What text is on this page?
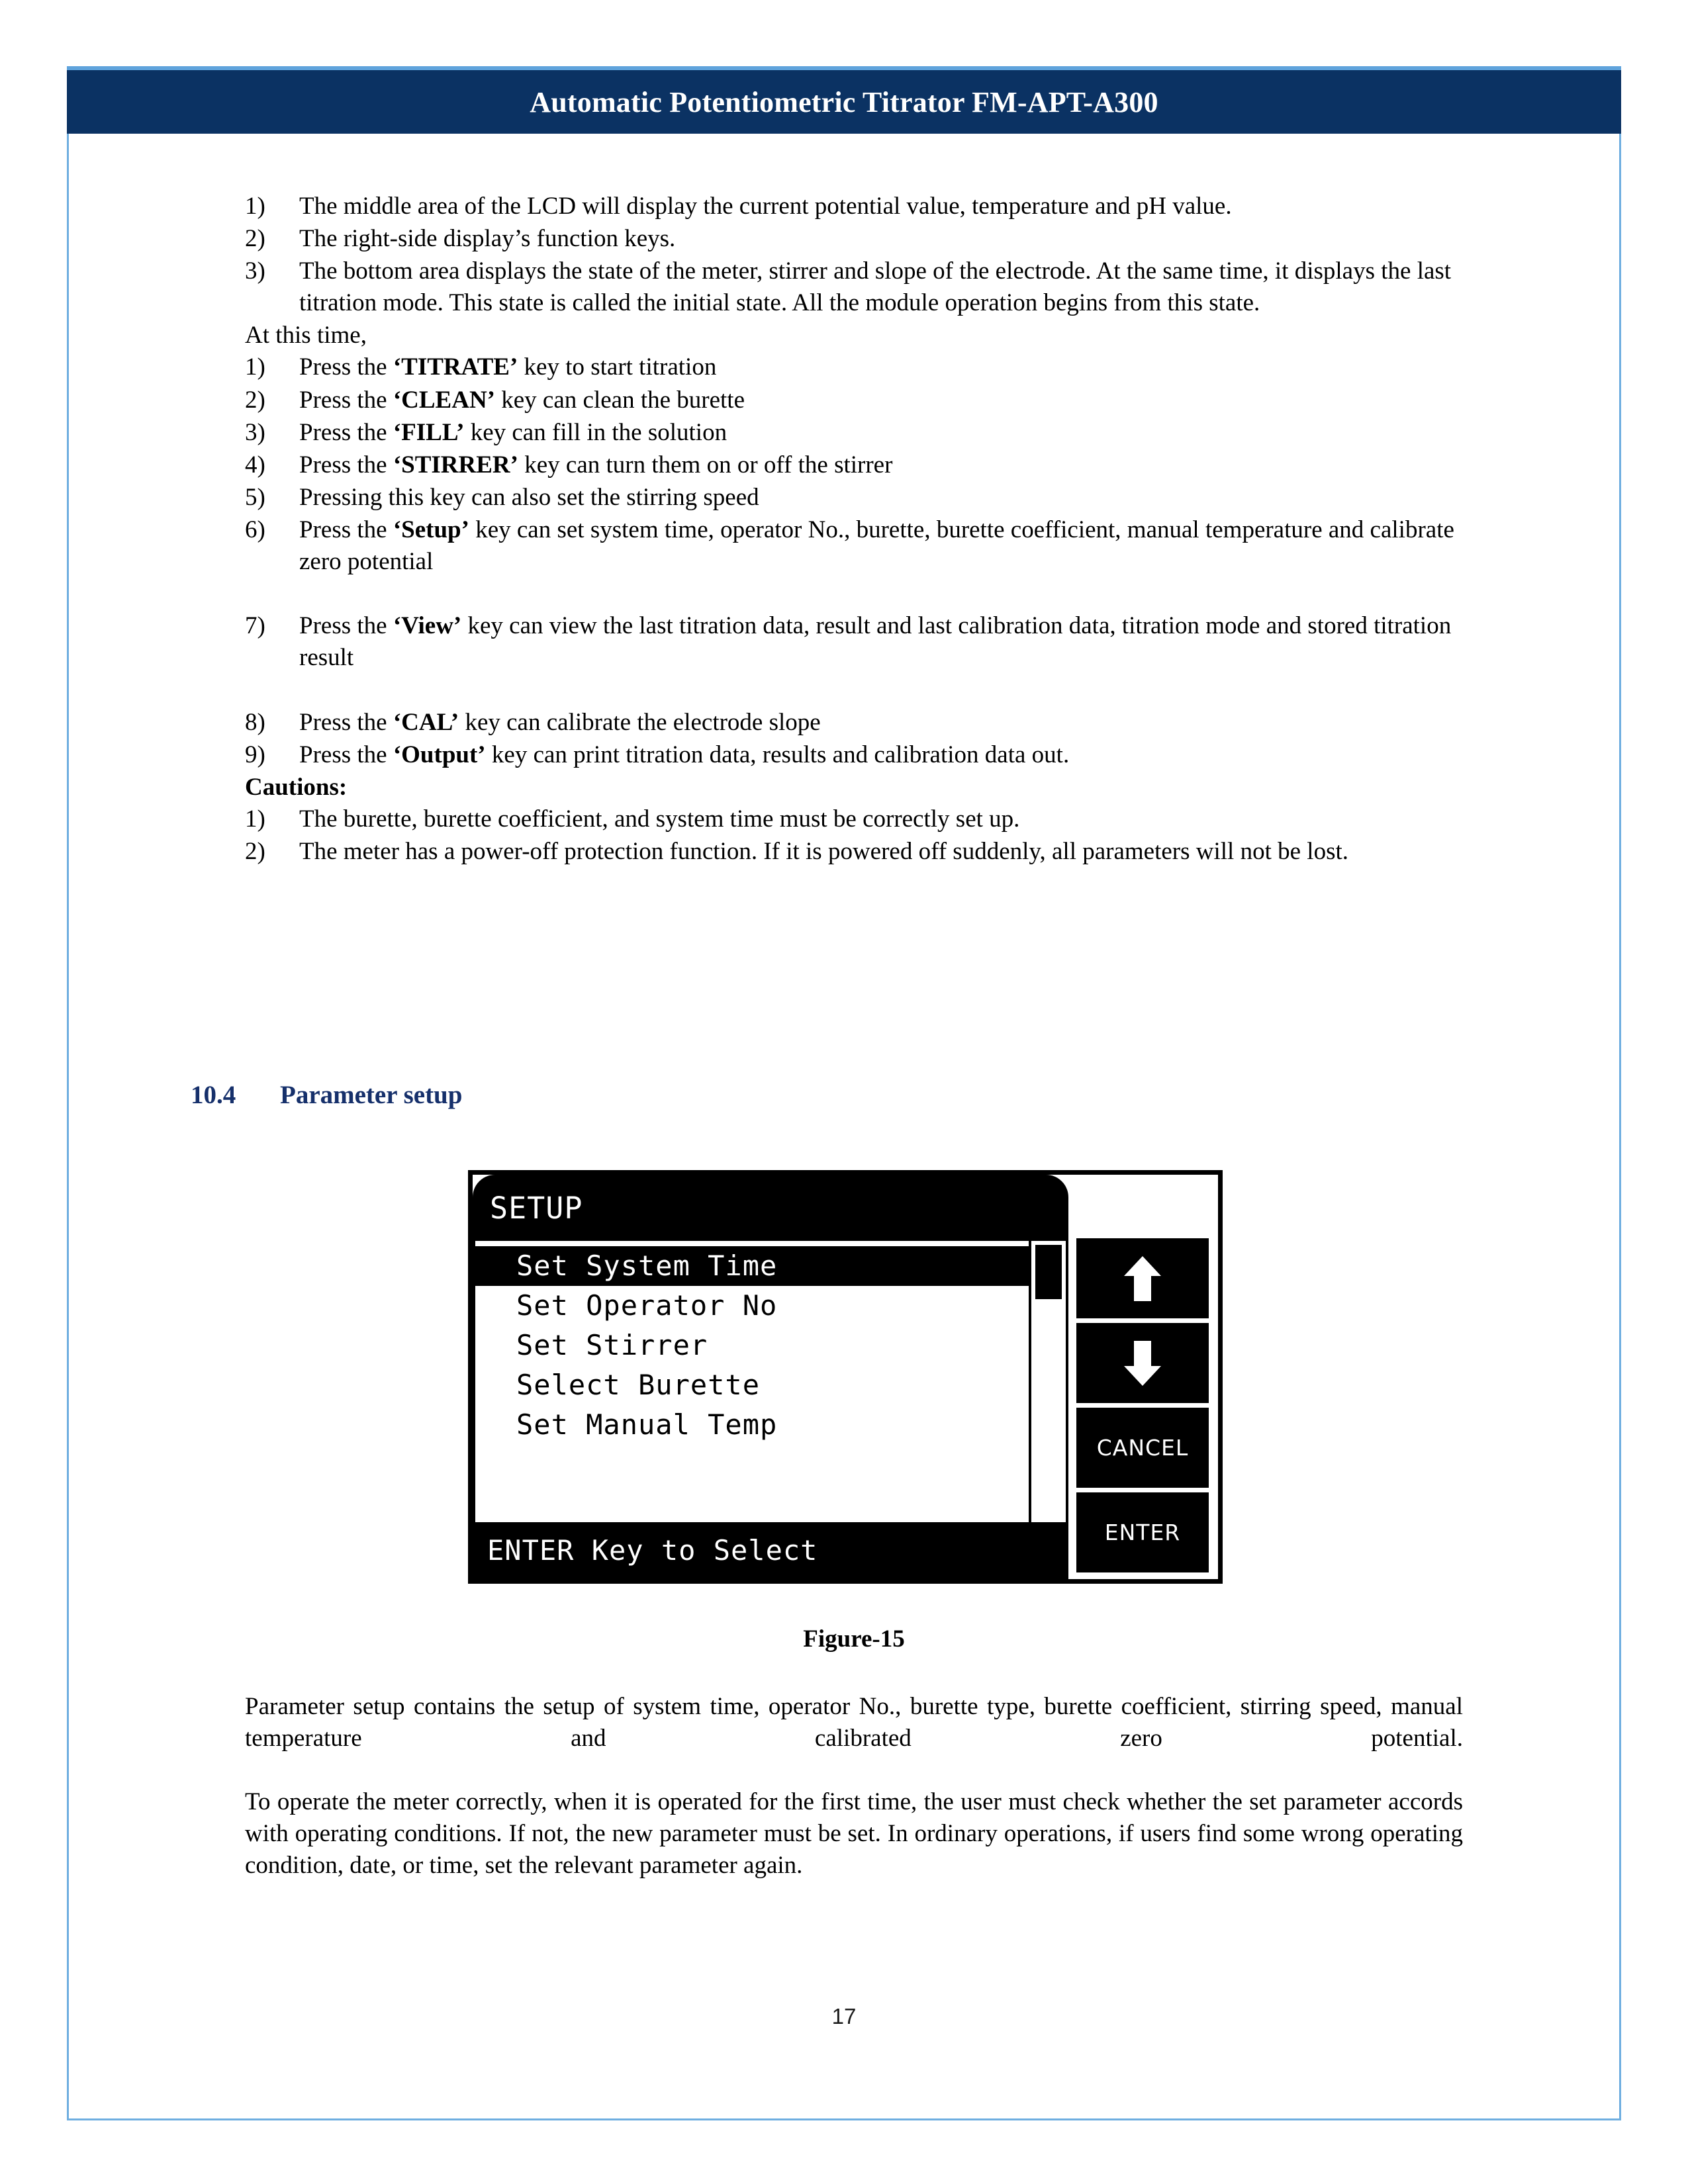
Automatic Potentiometric Titrator FM-APT-A300
1)	The middle area of the LCD will display the current potential value, temperature and pH value.
2)	The right-side display’s function keys.
3)	The bottom area displays the state of the meter, stirrer and slope of the electrode. At the same time, it displays the last titration mode. This state is called the initial state. All the module operation begins from this state.
At this time,
1)	Press the ‘TITRATE’ key to start titration
2)	Press the ‘CLEAN’ key can clean the burette
3)	Press the ‘FILL’ key can fill in the solution
4)	Press the ‘STIRRER’ key can turn them on or off the stirrer
5)	Pressing this key can also set the stirring speed
6)	Press the ‘Setup’ key can set system time, operator No., burette, burette coefficient, manual temperature and calibrate zero potential
7)	Press the ‘View’ key can view the last titration data, result and last calibration data, titration mode and stored titration result
8)	Press the ‘CAL’ key can calibrate the electrode slope
9)	Press the ‘Output’ key can print titration data, results and calibration data out.
Cautions:
1)	The burette, burette coefficient, and system time must be correctly set up.
2)	The meter has a power-off protection function. If it is powered off suddenly, all parameters will not be lost.
10.4 Parameter setup
SETUP
Set System Time
Set Operator No
Set Stirrer
Select Burette
Set Manual Temp
ENTER Key to Select
CANCEL
ENTER
Figure-15

Parameter setup contains the setup of system time, operator No., burette type, burette coefficient, stirring speed, manual temperature and calibrated zero potential.

To operate the meter correctly, when it is operated for the first time, the user must check whether the set parameter accords with operating conditions. If not, the new parameter must be set. In ordinary operations, if users find some wrong operating condition, date, or time, set the relevant parameter again.

17
